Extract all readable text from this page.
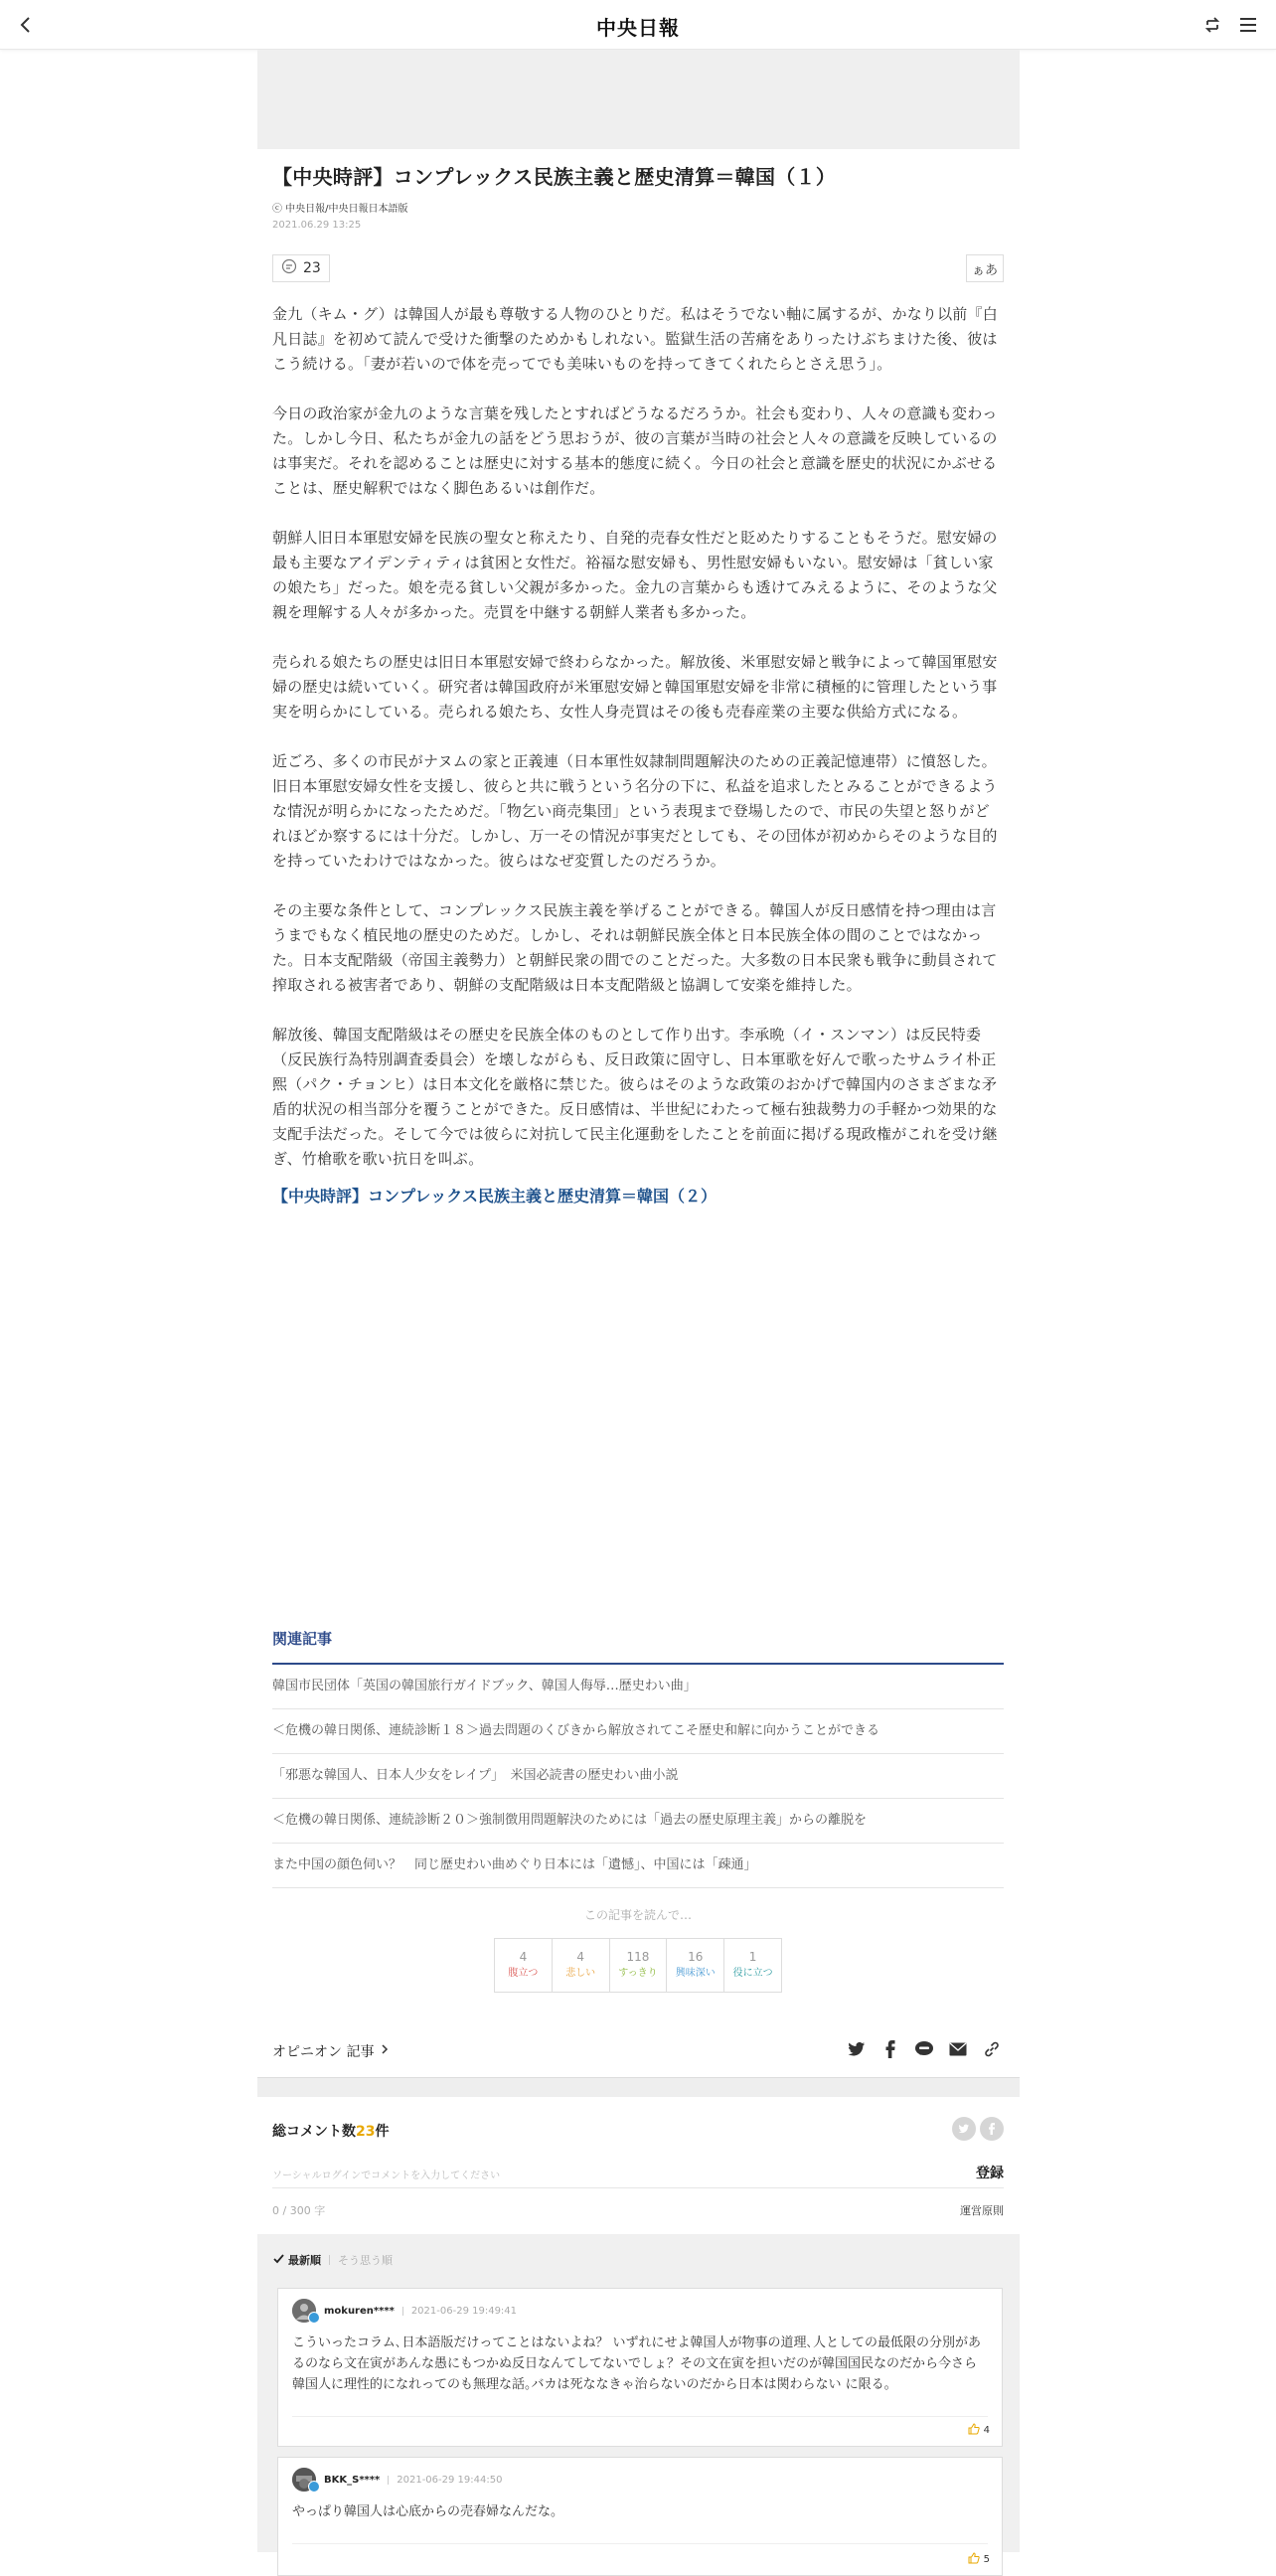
中央日報
【中央時評】コンプレックス民族主義と歴史清算＝韓国（１）
ⓒ 中央日報/中央日報日本語版
2021.06.29 13:25
23	ぁあ

金九（キム・グ）は韓国人が最も尊敬する人物のひとりだ。私はそうでない軸に属するが、かなり以前『白凡日誌』を初めて読んで受けた衝撃のためかもしれない。監獄生活の苦痛をありったけぶちまけた後、彼はこう続ける。「妻が若いので体を売ってでも美味いものを持ってきてくれたらとさえ思う」。

今日の政治家が金九のような言葉を残したとすればどうなるだろうか。社会も変わり、人々の意識も変わった。しかし今日、私たちが金九の話をどう思おうが、彼の言葉が当時の社会と人々の意識を反映しているのは事実だ。それを認めることは歴史に対する基本的態度に続く。今日の社会と意識を歴史的状況にかぶせることは、歴史解釈ではなく脚色あるいは創作だ。

朝鮮人旧日本軍慰安婦を民族の聖女と称えたり、自発的売春女性だと貶めたりすることもそうだ。慰安婦の最も主要なアイデンティティは貧困と女性だ。裕福な慰安婦も、男性慰安婦もいない。慰安婦は「貧しい家の娘たち」だった。娘を売る貧しい父親が多かった。金九の言葉からも透けてみえるように、そのような父親を理解する人々が多かった。売買を中継する朝鮮人業者も多かった。

売られる娘たちの歴史は旧日本軍慰安婦で終わらなかった。解放後、米軍慰安婦と戦争によって韓国軍慰安婦の歴史は続いていく。研究者は韓国政府が米軍慰安婦と韓国軍慰安婦を非常に積極的に管理したという事実を明らかにしている。売られる娘たち、女性人身売買はその後も売春産業の主要な供給方式になる。

近ごろ、多くの市民がナヌムの家と正義連（日本軍性奴隷制問題解決のための正義記憶連帯）に憤怒した。旧日本軍慰安婦女性を支援し、彼らと共に戦うという名分の下に、私益を追求したとみることができるような情況が明らかになったためだ。「物乞い商売集団」という表現まで登場したので、市民の失望と怒りがどれほどか察するには十分だ。しかし、万一その情況が事実だとしても、その団体が初めからそのような目的を持っていたわけではなかった。彼らはなぜ変質したのだろうか。

その主要な条件として、コンプレックス民族主義を挙げることができる。韓国人が反日感情を持つ理由は言うまでもなく植民地の歴史のためだ。しかし、それは朝鮮民族全体と日本民族全体の間のことではなかった。日本支配階級（帝国主義勢力）と朝鮮民衆の間でのことだった。大多数の日本民衆も戦争に動員されて搾取される被害者であり、朝鮮の支配階級は日本支配階級と協調して安楽を維持した。

解放後、韓国支配階級はその歴史を民族全体のものとして作り出す。李承晩（イ・スンマン）は反民特委（反民族行為特別調査委員会）を壊しながらも、反日政策に固守し、日本軍歌を好んで歌ったサムライ朴正熙（パク・チョンヒ）は日本文化を厳格に禁じた。彼らはそのような政策のおかげで韓国内のさまざまな矛盾的状況の相当部分を覆うことができた。反日感情は、半世紀にわたって極右独裁勢力の手軽かつ効果的な支配手法だった。そして今では彼らに対抗して民主化運動をしたことを前面に掲げる現政権がこれを受け継ぎ、竹槍歌を歌い抗日を叫ぶ。

【中央時評】コンプレックス民族主義と歴史清算＝韓国（２）
関連記事
韓国市民団体「英国の韓国旅行ガイドブック、韓国人侮辱…歴史わい曲」
＜危機の韓日関係、連続診断１８＞過去問題のくびきから解放されてこそ歴史和解に向かうことができる
「邪悪な韓国人、日本人少女をレイプ」　米国必読書の歴史わい曲小説
＜危機の韓日関係、連続診断２０＞強制徴用問題解決のためには「過去の歴史原理主義」からの離脱を
また中国の顔色伺い？　同じ歴史わい曲めぐり日本には「遺憾」、中国には「疎通」
この記事を読んで…
4
腹立つ
4
悲しい
118
すっきり
16
興味深い
1
役に立つ
オピニオン 記事
総コメント数23件
ソーシャルログインでコメントを入力してください	登録
0 / 300 字	運営原則
最新順 そう思う順
mokuren**** 2021-06-29 19:49:41
こういったコラム､日本語版だけってことはないよね？ いずれにせよ韓国人が物事の道理､人としての最低限の分別があるのなら文在寅があんな愚にもつかぬ反日なんてしてないでしょ？その文在寅を担いだのが韓国国民なのだから今さら韓国人に理性的になれってのも無理な話｡バカは死ななきゃ治らないのだから日本は関わらない に限る。
4
BKK_S**** 2021-06-29 19:44:50
やっぱり韓国人は心底からの売春婦なんだな。
5
